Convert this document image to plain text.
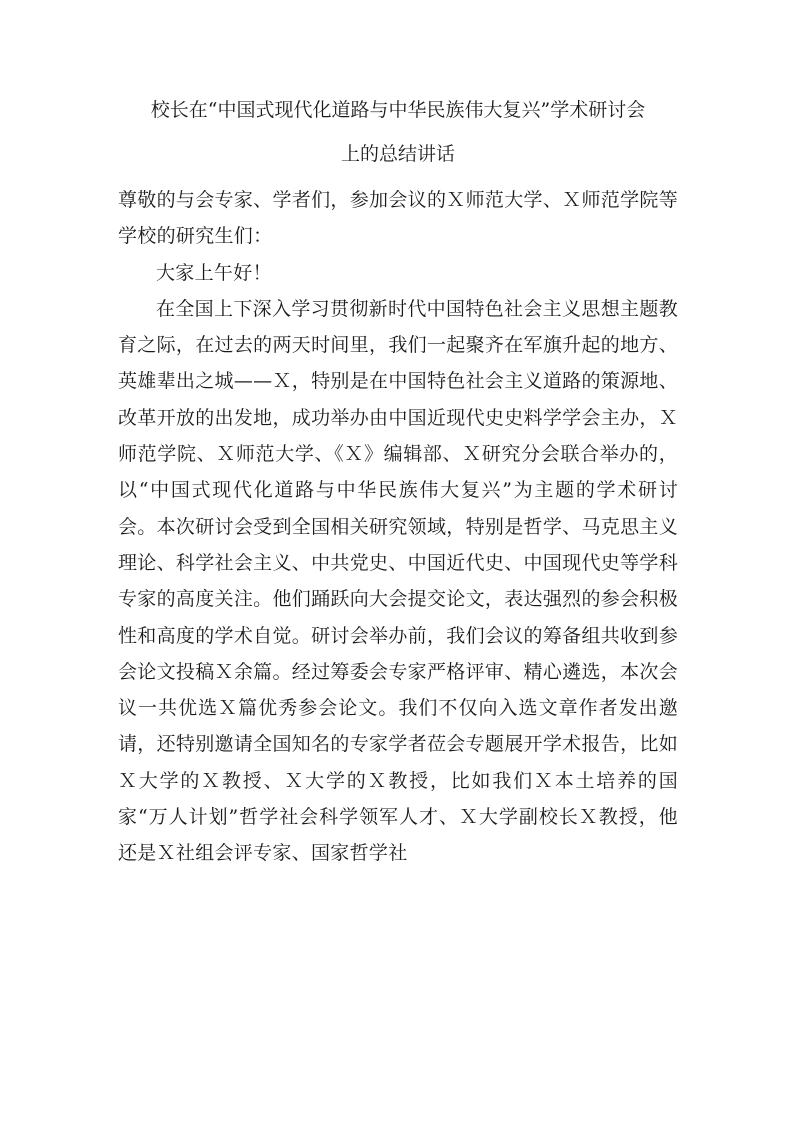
校长在“中国式现代化道路与中华民族伟大复兴”学术研讨会
上的总结讲话

尊敬的与会专家、学者们，参加会议的Ｘ师范大学、Ｘ师范学院等学校的研究生们：

大家上午好！

在全国上下深入学习贯彻新时代中国特色社会主义思想主题教育之际，在过去的两天时间里，我们一起聚齐在军旗升起的地方、英雄辈出之城——Ｘ，特别是在中国特色社会主义道路的策源地、改革开放的出发地，成功举办由中国近现代史史料学学会主办，Ｘ师范学院、Ｘ师范大学、《Ｘ》编辑部、Ｘ研究分会联合举办的，以“中国式现代化道路与中华民族伟大复兴”为主题的学术研讨会。本次研讨会受到全国相关研究领域，特别是哲学、马克思主义理论、科学社会主义、中共党史、中国近代史、中国现代史等学科专家的高度关注。他们踊跃向大会提交论文，表达强烈的参会积极性和高度的学术自觉。研讨会举办前，我们会议的筹备组共收到参会论文投稿Ｘ余篇。经过筹委会专家严格评审、精心遴选，本次会议一共优选Ｘ篇优秀参会论文。我们不仅向入选文章作者发出邀请，还特别邀请全国知名的专家学者莅会专题展开学术报告，比如Ｘ大学的Ｘ教授、Ｘ大学的Ｘ教授，比如我们Ｘ本土培养的国家“万人计划”哲学社会科学领军人才、Ｘ大学副校长Ｘ教授，他还是Ｘ社组会评专家、国家哲学社
